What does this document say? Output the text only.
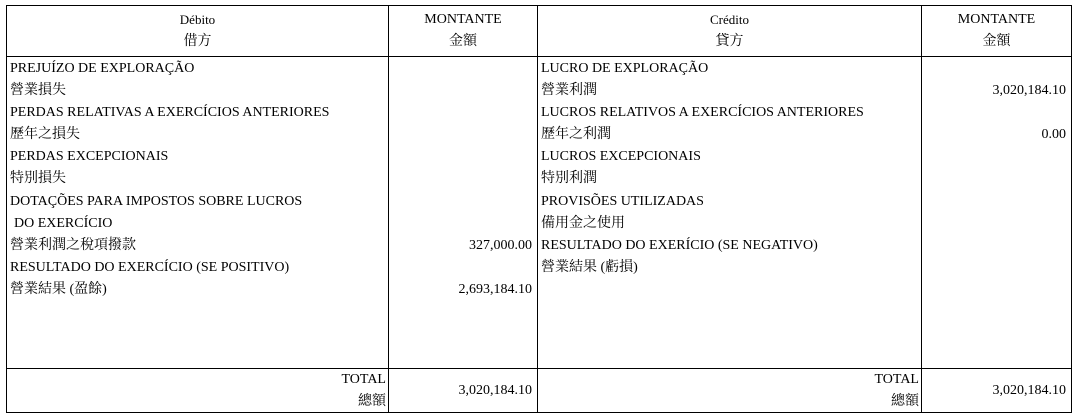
Débito
借方
PREJUÍZO DE EXPLORAÇÃO
營業損失
PERDAS RELATIVAS A EXERCÍCIOS ANTERIORES
歷年之損失
PERDAS EXCEPCIONAIS
特別損失
DOTAÇÕES PARA IMPOSTOS SOBRE LUCROS
DO EXERCÍCIO
營業利潤之稅項撥款
RESULTADO DO EXERCÍCIO (SE POSITIVO)
營業結果 (盈餘)
TOTAL
總額
MONTANTE
金額
327,000.00
2,693,184.10
3,020,184.10
Crédito
貸方
LUCRO DE EXPLORAÇÃO
營業利潤
LUCROS RELATIVOS A EXERCÍCIOS ANTERIORES
歷年之利潤
LUCROS EXCEPCIONAIS
特別利潤
PROVISÕES UTILIZADAS
備用金之使用
RESULTADO DO EXERÍCIO (SE NEGATIVO)
營業結果 (虧損)
TOTAL
總額
MONTANTE
金額
3,020,184.10
0.00
3,020,184.10
